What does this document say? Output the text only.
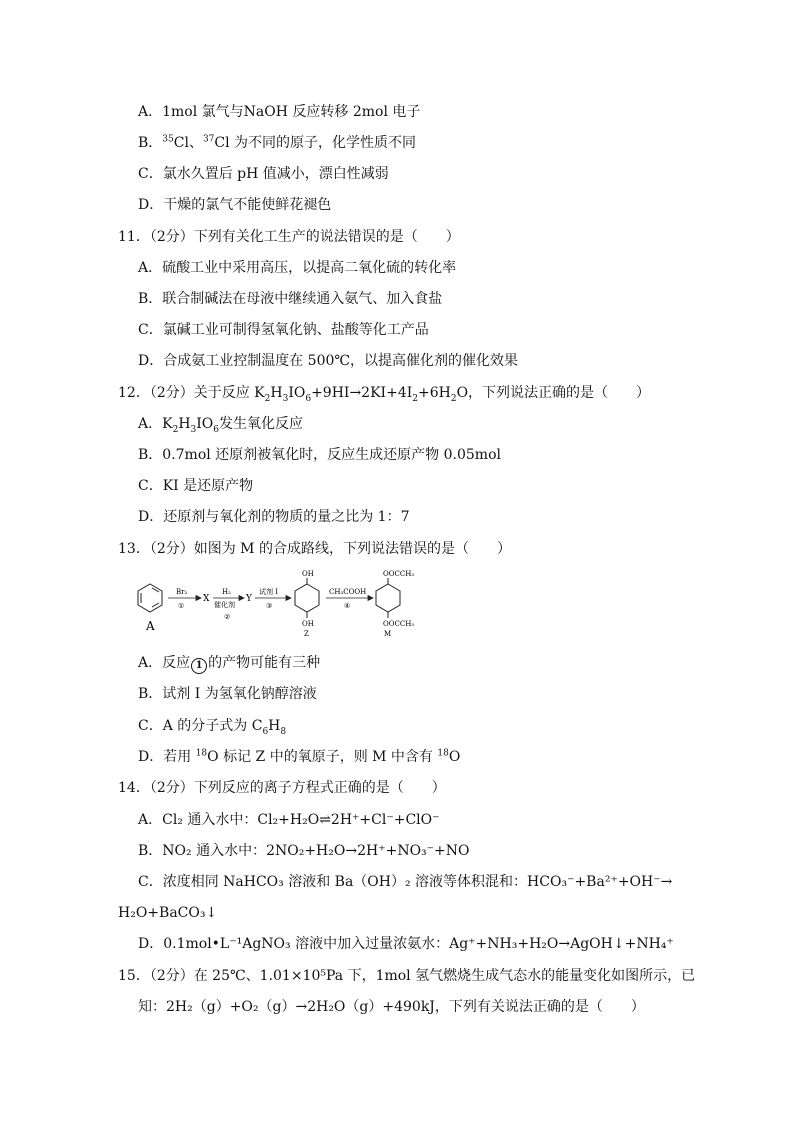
A．1mol 氯气与NaOH 反应转移 2mol 电子
B．$^{35}$Cl、$^{37}$Cl 为不同的原子，化学性质不同
C．氯水久置后 pH 值减小，漂白性减弱
D．干燥的氯气不能使鲜花褪色
11．（2分）下列有关化工生产的说法错误的是（　　）
A．硫酸工业中采用高压，以提高二氧化硫的转化率
B．联合制碱法在母液中继续通入氨气、加入食盐
C．氯碱工业可制得氢氧化钠、盐酸等化工产品
D．合成氨工业控制温度在 500℃，以提高催化剂的催化效果
12．（2分）关于反应 $K_2H_3IO_6+9HI\to 2KI+4I_2+6H_2O$，下列说法正确的是（　　）
A．$K_2H_3IO_6$发生氧化反应
B．0.7mol 还原剂被氧化时，反应生成还原产物 0.05mol
C．KI 是还原产物
D．还原剂与氧化剂的物质的量之比为 1：7
13．（2分）如图为 M 的合成路线，下列说法错误的是（　　）
A
Br₂
①
X
H₂
催化剂
②
Y
试剂 I
③
OH
OH
Z
CH₃COOH
④
OOCCH₃
OOCCH₃
M
A．反应 1 的产物可能有三种
B．试剂 I 为氢氧化钠醇溶液
C．A 的分子式为 $C_6H_8$
D．若用 $^{18}$O 标记 Z 中的氧原子，则 M 中含有 $^{18}$O
14．（2分）下列反应的离子方程式正确的是（　　）
A．Cl₂ 通入水中：Cl₂+H₂O⇌2H⁺+Cl⁻+ClO⁻
B．NO₂ 通入水中：2NO₂+H₂O→2H⁺+NO₃⁻+NO
C．浓度相同 NaHCO₃ 溶液和 Ba（OH）₂ 溶液等体积混和：HCO₃⁻+Ba²⁺+OH⁻→
H₂O+BaCO₃↓
D．0.1mol•L⁻¹AgNO₃ 溶液中加入过量浓氨水：Ag⁺+NH₃+H₂O→AgOH↓+NH₄⁺
15．（2分）在 25℃、1.01×10⁵Pa 下，1mol 氢气燃烧生成气态水的能量变化如图所示，已
知：2H₂（g）+O₂（g）→2H₂O（g）+490kJ，下列有关说法正确的是（　　）
